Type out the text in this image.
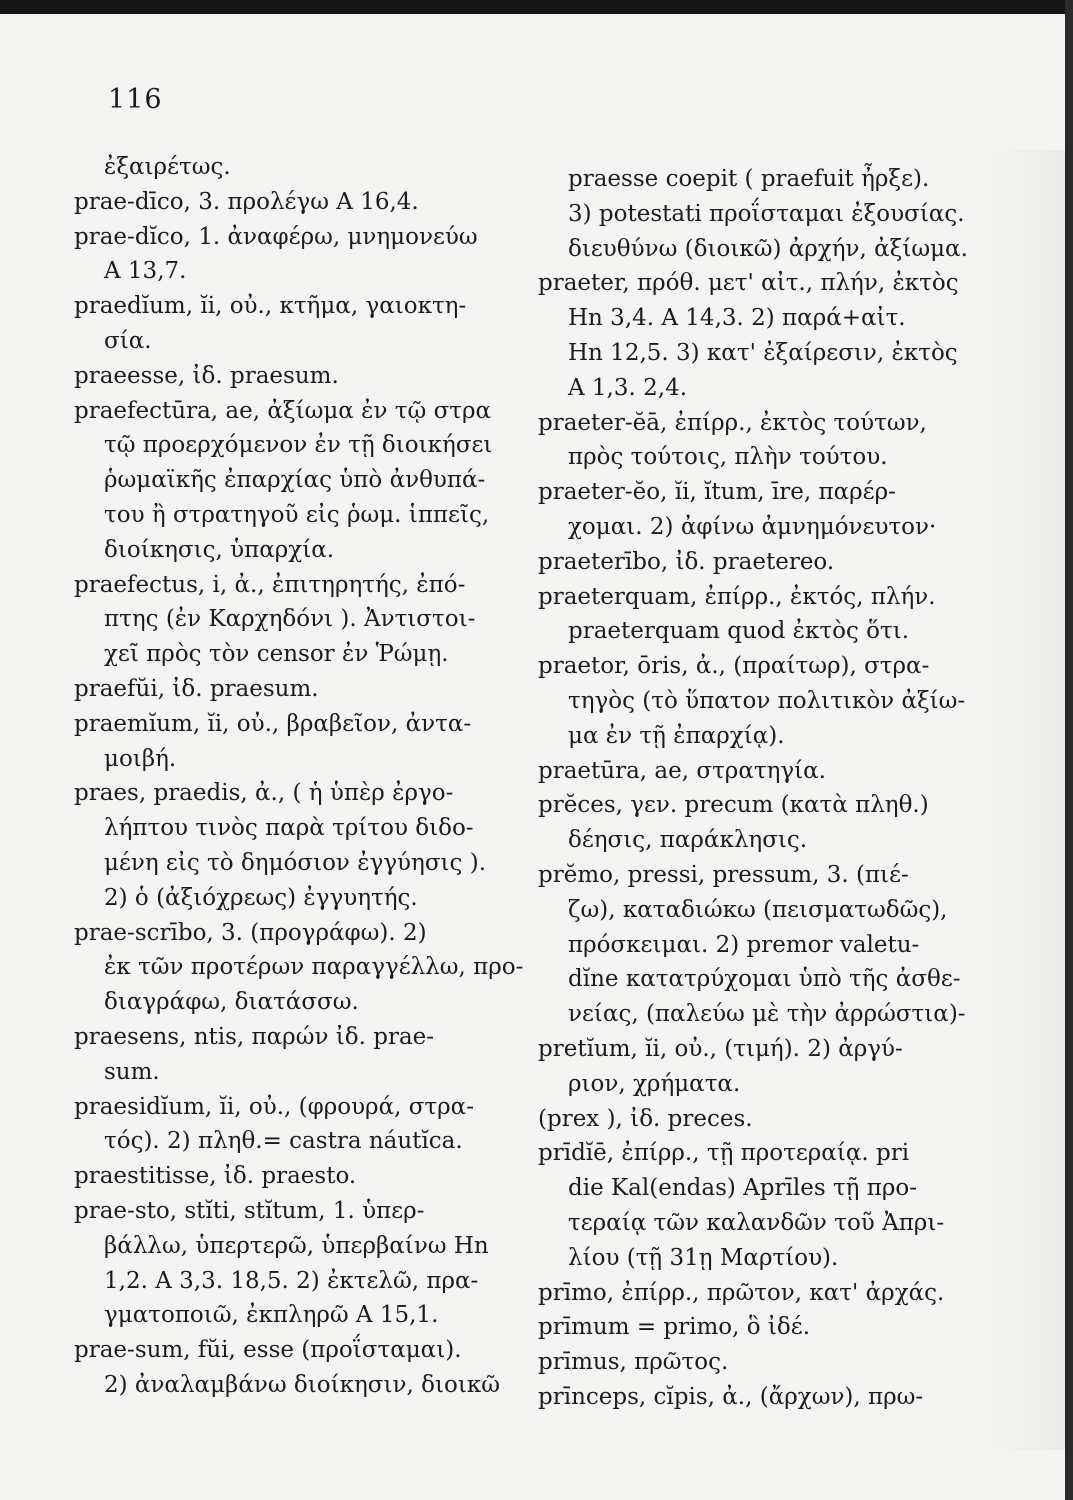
116
ἐξαιρέτως.
prae-dīco, 3. προλέγω A 16,4.
prae-dĭco, 1. ἀναφέρω, μνημονεύω
A 13,7.
praedĭum, ĭi, οὐ., κτῆμα, γαιοκτη-
σία.
praeesse, ἰδ. praesum.
praefectūra, ae, ἀξίωμα ἐν τῷ στρα
τῷ προερχόμενον ἐν τῇ διοικήσει
ῥωμαϊκῆς ἐπαρχίας ὑπὸ ἀνθυπά-
του ἢ στρατηγοῦ εἰς ῥωμ. ἱππεῖς,
διοίκησις, ὑπαρχία.
praefectus, i, ἀ., ἐπιτηρητής, ἐπό-
πτης (ἐν Καρχηδόνι ). Ἀντιστοι-
χεῖ πρὸς τὸν censor ἐν Ῥώμῃ.
praefŭi, ἰδ. praesum.
praemĭum, ĭi, οὐ., βραβεῖον, ἀντα-
μοιβή.
praes, praedis, ἀ., ( ἡ ὑπὲρ ἐργο-
λήπτου τινὸς παρὰ τρίτου διδο-
μένη εἰς τὸ δημόσιον ἐγγύησις ).
2) ὁ (ἀξιόχρεως) ἐγγυητής.
prae-scrībo, 3. (προγράφω). 2)
ἐκ τῶν προτέρων παραγγέλλω, προ-
διαγράφω, διατάσσω.
praesens, ntis, παρών ἰδ. prae-
sum.
praesidĭum, ĭi, οὐ., (φρουρά, στρα-
τός). 2) πληθ.= castra náutĭca.
praestitisse, ἰδ. praesto.
prae-sto, stĭti, stĭtum, 1. ὑπερ-
βάλλω, ὑπερτερῶ, ὑπερβαίνω Hn
1,2. A 3,3. 18,5. 2) ἐκτελῶ, πρα-
γματοποιῶ, ἐκπληρῶ A 15,1.
prae-sum, fŭi, esse (προΐσταμαι).
2) ἀναλαμβάνω διοίκησιν, διοικῶ
praesse coepit ( praefuit ἦρξε).
3) potestati προΐσταμαι ἐξουσίας.
διευθύνω (διοικῶ) ἀρχήν, ἀξίωμα.
praeter, πρόθ. μετ' αἰτ., πλήν, ἐκτὸς
Hn 3,4. A 14,3. 2) παρά+αἰτ.
Hn 12,5. 3) κατ' ἐξαίρεσιν, ἐκτὸς
A 1,3. 2,4.
praeter-ĕā, ἐπίρρ., ἐκτὸς τούτων,
πρὸς τούτοις, πλὴν τούτου.
praeter-ĕo, ĭi, ĭtum, īre, παρέρ-
χομαι. 2) ἀφίνω ἀμνημόνευτον·
praeterībo, ἰδ. praetereo.
praeterquam, ἐπίρρ., ἐκτός, πλήν.
praeterquam quod ἐκτὸς ὅτι.
praetor, ōris, ἀ., (πραίτωρ), στρα-
τηγὸς (τὸ ὕπατον πολιτικὸν ἀξίω-
μα ἐν τῇ ἐπαρχίᾳ).
praetūra, ae, στρατηγία.
prĕces, γεν. precum (κατὰ πληθ.)
δέησις, παράκλησις.
prĕmo, pressi, pressum, 3. (πιέ-
ζω), καταδιώκω (πεισματωδῶς),
πρόσκειμαι. 2) premor valetu-
dĭne κατατρύχομαι ὑπὸ τῆς ἀσθε-
νείας, (παλεύω μὲ τὴν ἀρρώστια)-
pretĭum, ĭi, οὐ., (τιμή). 2) ἀργύ-
ριον, χρήματα.
(prex ), ἰδ. preces.
prīdĭē, ἐπίρρ., τῇ προτεραίᾳ. pri
die Kal(endas) Aprīles τῇ προ-
τεραίᾳ τῶν καλανδῶν τοῦ Ἀπρι-
λίου (τῇ 31ῃ Μαρτίου).
prīmo, ἐπίρρ., πρῶτον, κατ' ἀρχάς.
prīmum = primo, ὃ ἰδέ.
prīmus, πρῶτος.
prīnceps, cĭpis, ἀ., (ἄρχων), πρω-
